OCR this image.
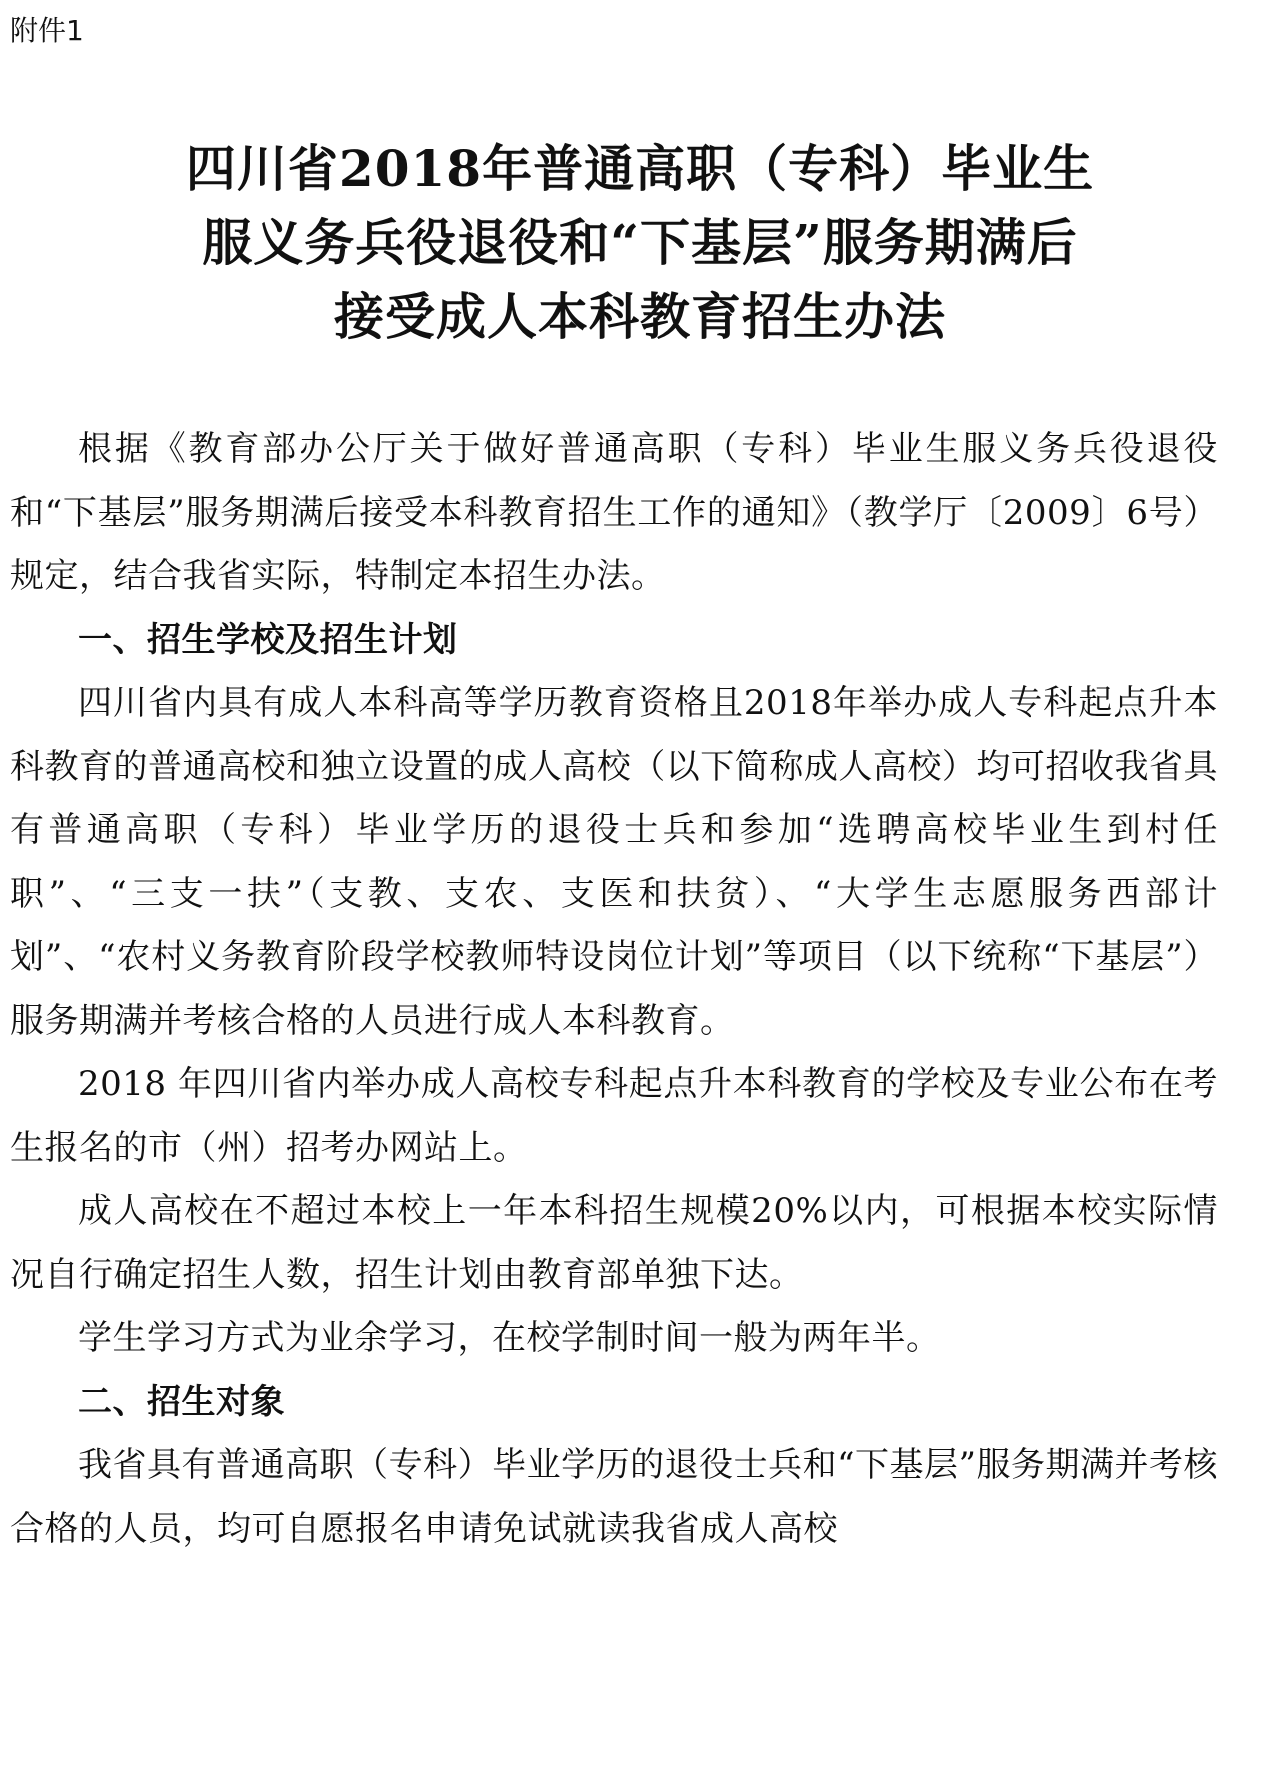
附件1
四川省2018年普通高职（专科）毕业生
服义务兵役退役和“下基层”服务期满后
接受成人本科教育招生办法

根据《教育部办公厅关于做好普通高职（专科）毕业生服义务兵役退役和“下基层”服务期满后接受本科教育招生工作的通知》（教学厅〔2009〕6号）规定，结合我省实际，特制定本招生办法。

一、招生学校及招生计划

四川省内具有成人本科高等学历教育资格且2018年举办成人专科起点升本科教育的普通高校和独立设置的成人高校（以下简称成人高校）均可招收我省具有普通高职（专科）毕业学历的退役士兵和参加“选聘高校毕业生到村任职”、“三支一扶”（支教、支农、支医和扶贫）、“大学生志愿服务西部计划”、“农村义务教育阶段学校教师特设岗位计划”等项目（以下统称“下基层”）服务期满并考核合格的人员进行成人本科教育。

2018 年四川省内举办成人高校专科起点升本科教育的学校及专业公布在考生报名的市（州）招考办网站上。

成人高校在不超过本校上一年本科招生规模20%以内，可根据本校实际情况自行确定招生人数，招生计划由教育部单独下达。

学生学习方式为业余学习，在校学制时间一般为两年半。

二、招生对象

我省具有普通高职（专科）毕业学历的退役士兵和“下基层”服务期满并考核合格的人员，均可自愿报名申请免试就读我省成人高校
